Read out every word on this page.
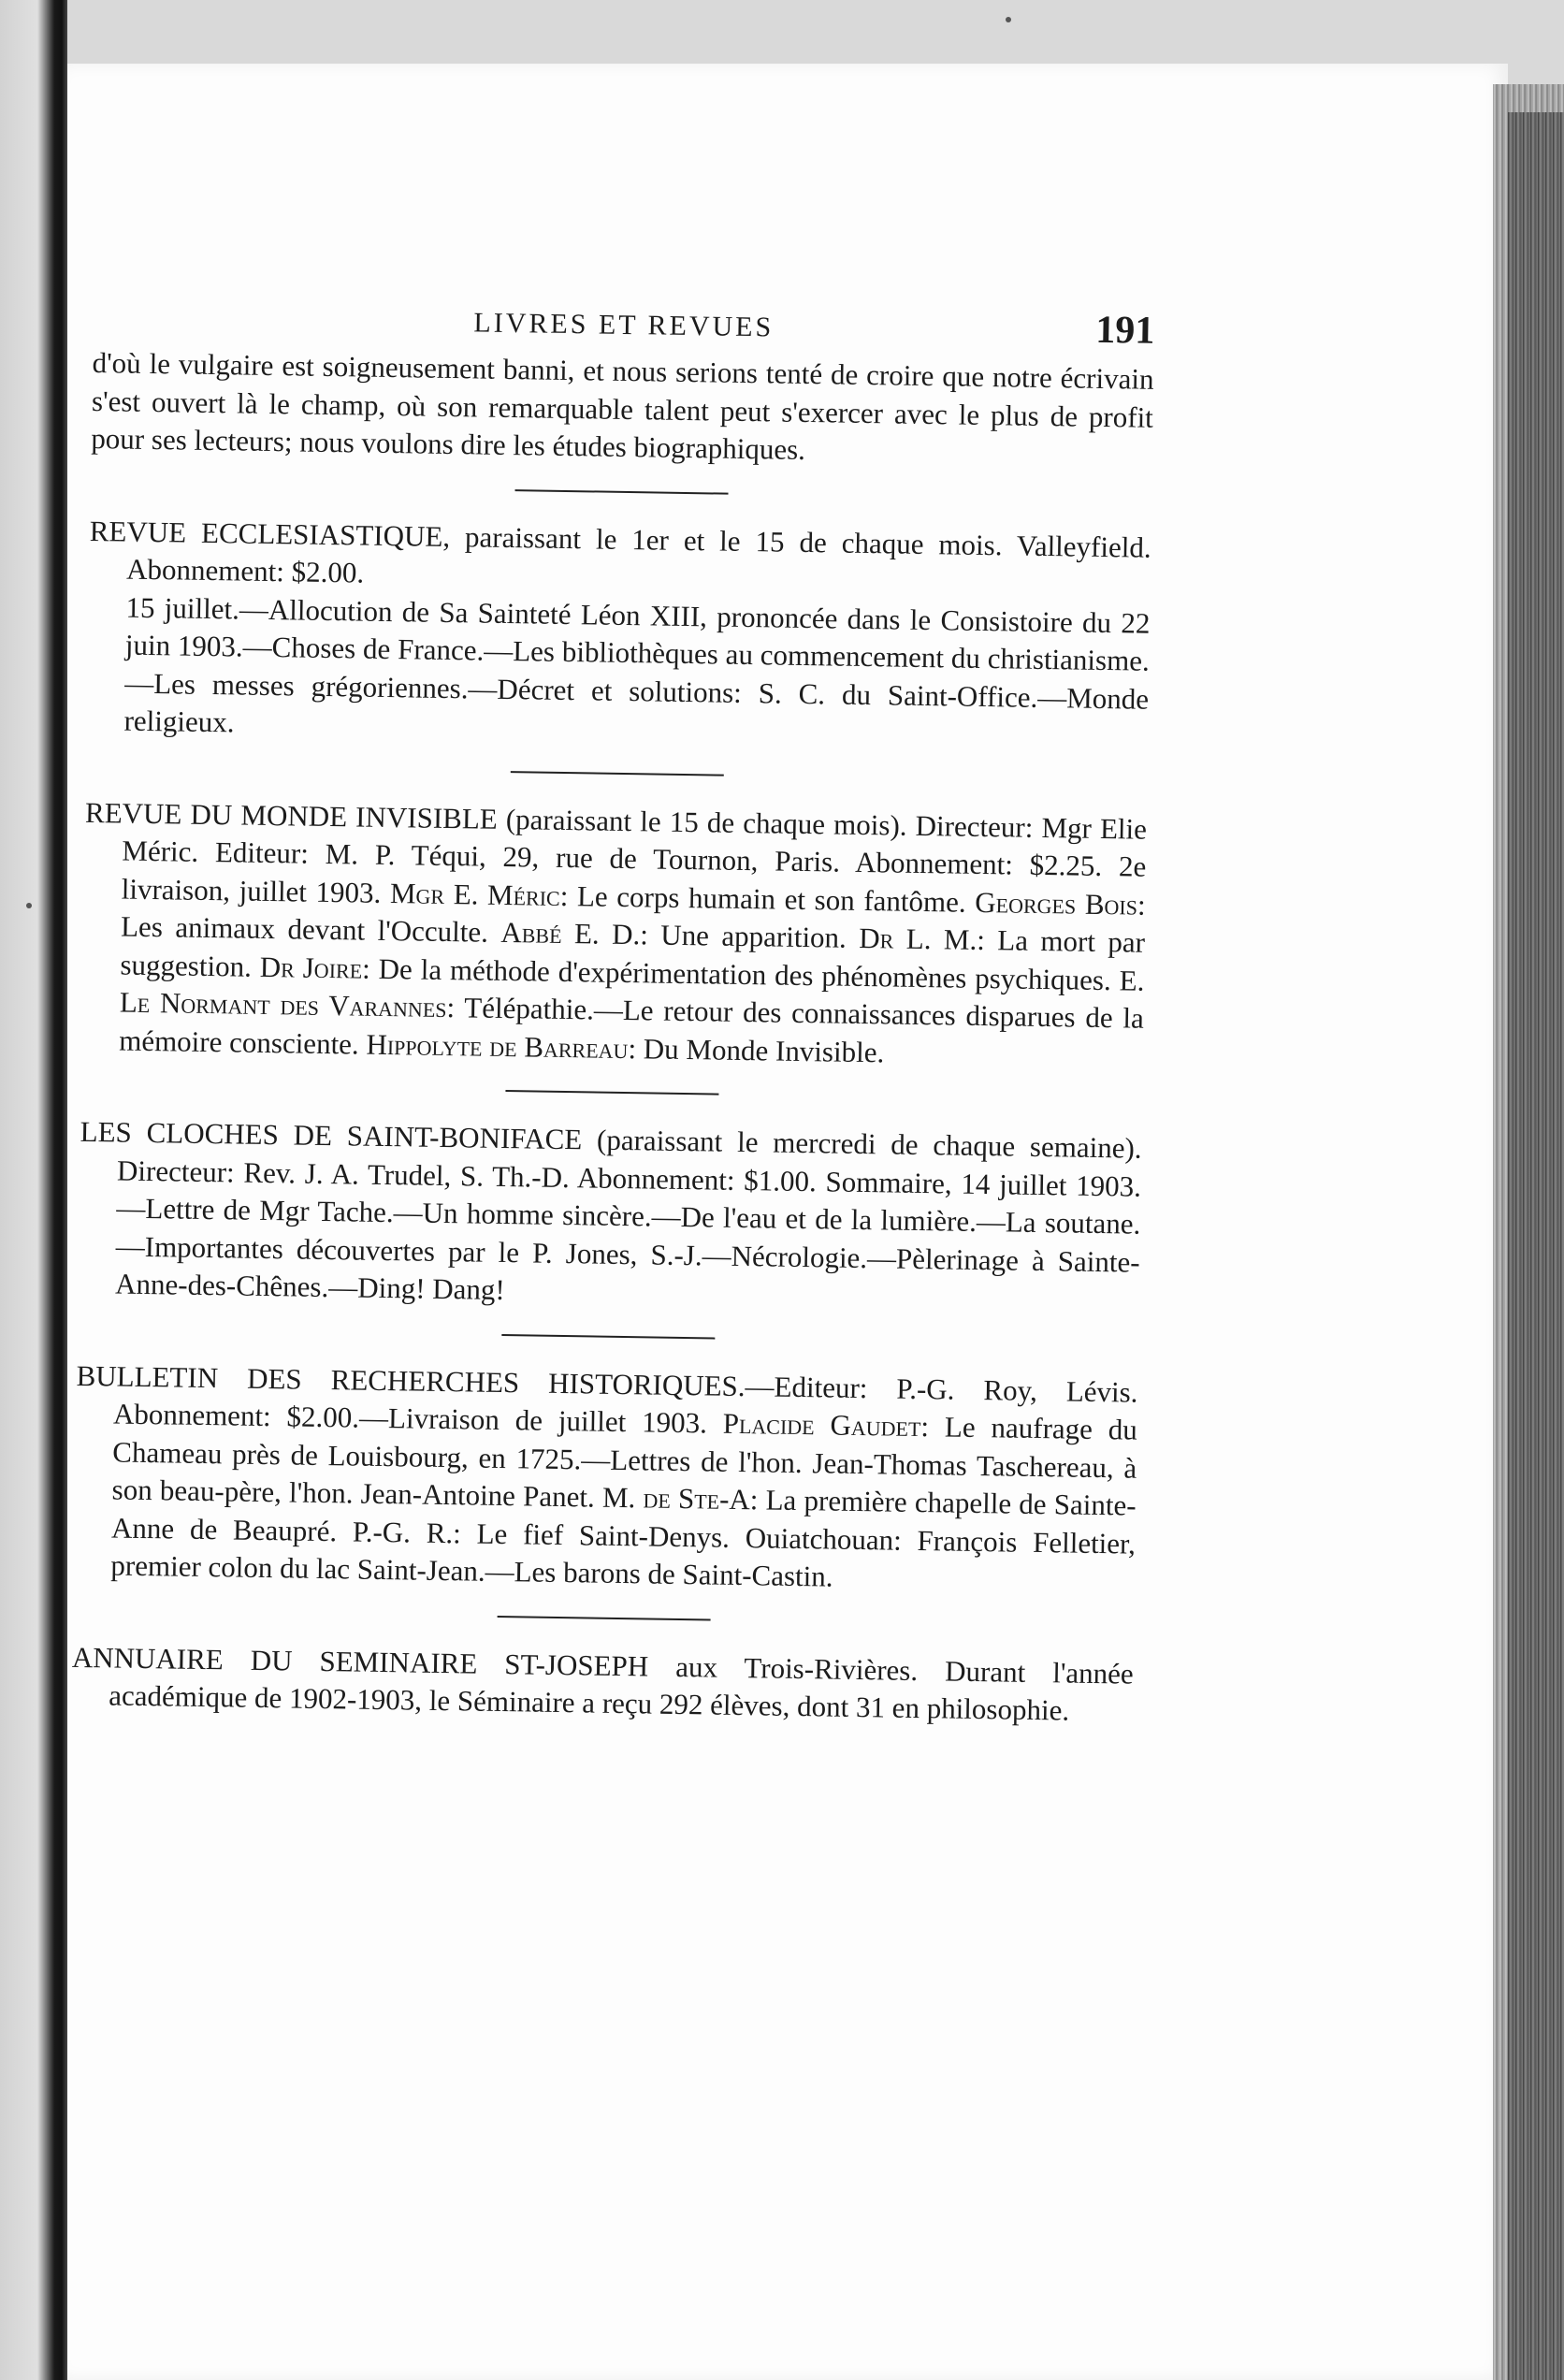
LIVRES ET REVUES	191

d'où le vulgaire est soigneusement banni, et nous serions tenté de croire que notre écrivain s'est ouvert là le champ, où son remarquable talent peut s'exercer avec le plus de profit pour ses lecteurs; nous voulons dire les études biographiques.

REVUE ECCLESIASTIQUE, paraissant le 1er et le 15 de chaque mois. Valleyfield. Abonnement: $2.00.

15 juillet.—Allocution de Sa Sainteté Léon XIII, prononcée dans le Consistoire du 22 juin 1903.—Choses de France.—Les bibliothèques au commencement du christianisme.—Les messes grégoriennes.—Décret et solutions: S. C. du Saint-Office.—Monde religieux.

REVUE DU MONDE INVISIBLE (paraissant le 15 de chaque mois). Directeur: Mgr Elie Méric. Editeur: M. P. Téqui, 29, rue de Tournon, Paris. Abonnement: $2.25. 2e livraison, juillet 1903. Mgr E. Méric: Le corps humain et son fantôme. Georges Bois: Les animaux devant l'Occulte. Abbé E. D.: Une apparition. Dr L. M.: La mort par suggestion. Dr Joire: De la méthode d'expérimentation des phénomènes psychiques. E. Le Normant des Varannes: Télépathie.—Le retour des connaissances disparues de la mémoire consciente. Hippolyte de Barreau: Du Monde Invisible.

LES CLOCHES DE SAINT-BONIFACE (paraissant le mercredi de chaque semaine). Directeur: Rev. J. A. Trudel, S. Th.-D. Abonnement: $1.00. Sommaire, 14 juillet 1903.—Lettre de Mgr Tache.—Un homme sincère.—De l'eau et de la lumière.—La soutane.—Importantes découvertes par le P. Jones, S.-J.—Nécrologie.—Pèlerinage à Sainte-Anne-des-Chênes.—Ding! Dang!

BULLETIN DES RECHERCHES HISTORIQUES.—Editeur: P.-G. Roy, Lévis. Abonnement: $2.00.—Livraison de juillet 1903. Placide Gaudet: Le naufrage du Chameau près de Louisbourg, en 1725.—Lettres de l'hon. Jean-Thomas Taschereau, à son beau-père, l'hon. Jean-Antoine Panet. M. de Ste-A: La première chapelle de Sainte-Anne de Beaupré. P.-G. R.: Le fief Saint-Denys. Ouiatchouan: François Felletier, premier colon du lac Saint-Jean.—Les barons de Saint-Castin.

ANNUAIRE DU SEMINAIRE ST-JOSEPH aux Trois-Rivières. Durant l'année académique de 1902-1903, le Séminaire a reçu 292 élèves, dont 31 en philosophie.
